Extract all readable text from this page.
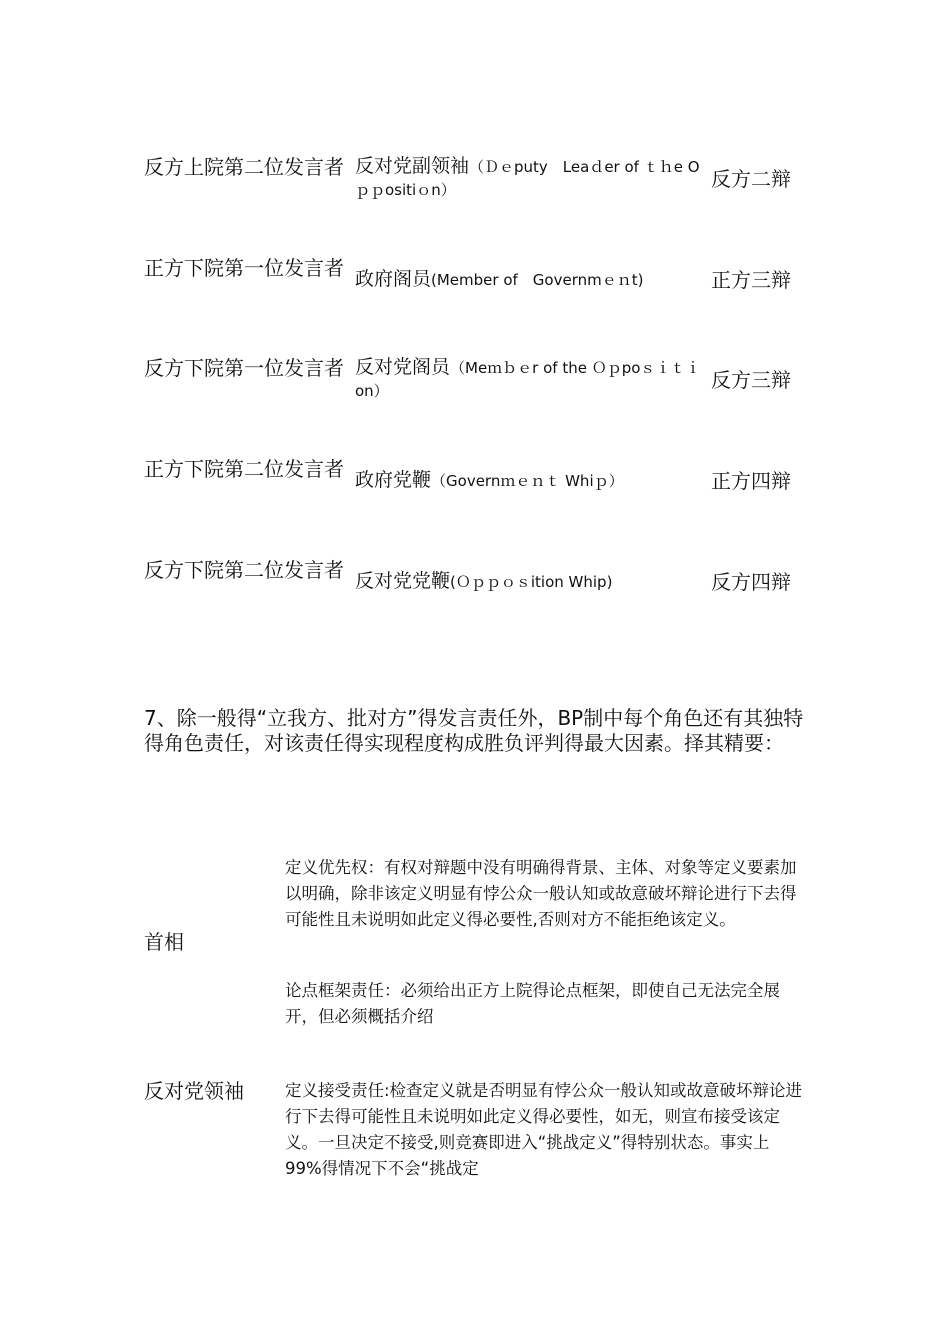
反方上院第二位发言者 反对党副领袖（Ｄｅputy　Leaｄer of ｔｈe O ｐｐositiｏn）	反方二辩
正方下院第一位发言者 政府阁员(Member of　Governmｅｎt)	正方三辩
反方下院第一位发言者 反对党阁员（Meｍｂｅr of the Ｏｐpoｓｉｔｉon）	反方三辩
正方下院第二位发言者 政府党鞭（Governｍｅｎｔ Whiｐ）	正方四辩
反方下院第二位发言者 反对党党鞭(Ｏｐｐｏｓition Whip)	反方四辩
7、除一般得“立我方、批对方”得发言责任外，BP制中每个角色还有其独特得角色责任，对该责任得实现程度构成胜负评判得最大因素。择其精要：
首相
定义优先权：有权对辩题中没有明确得背景、主体、对象等定义要素加以明确，除非该定义明显有悖公众一般认知或故意破坏辩论进行下去得可能性且未说明如此定义得必要性,否则对方不能拒绝该定义。
论点框架责任：必须给出正方上院得论点框架，即使自己无法完全展开，但必须概括介绍
反对党领袖 定义接受责任:检查定义就是否明显有悖公众一般认知或故意破坏辩论进行下去得可能性且未说明如此定义得必要性，如无，则宣布接受该定义。一旦决定不接受,则竞赛即进入“挑战定义”得特别状态。事实上99%得情况下不会“挑战定
